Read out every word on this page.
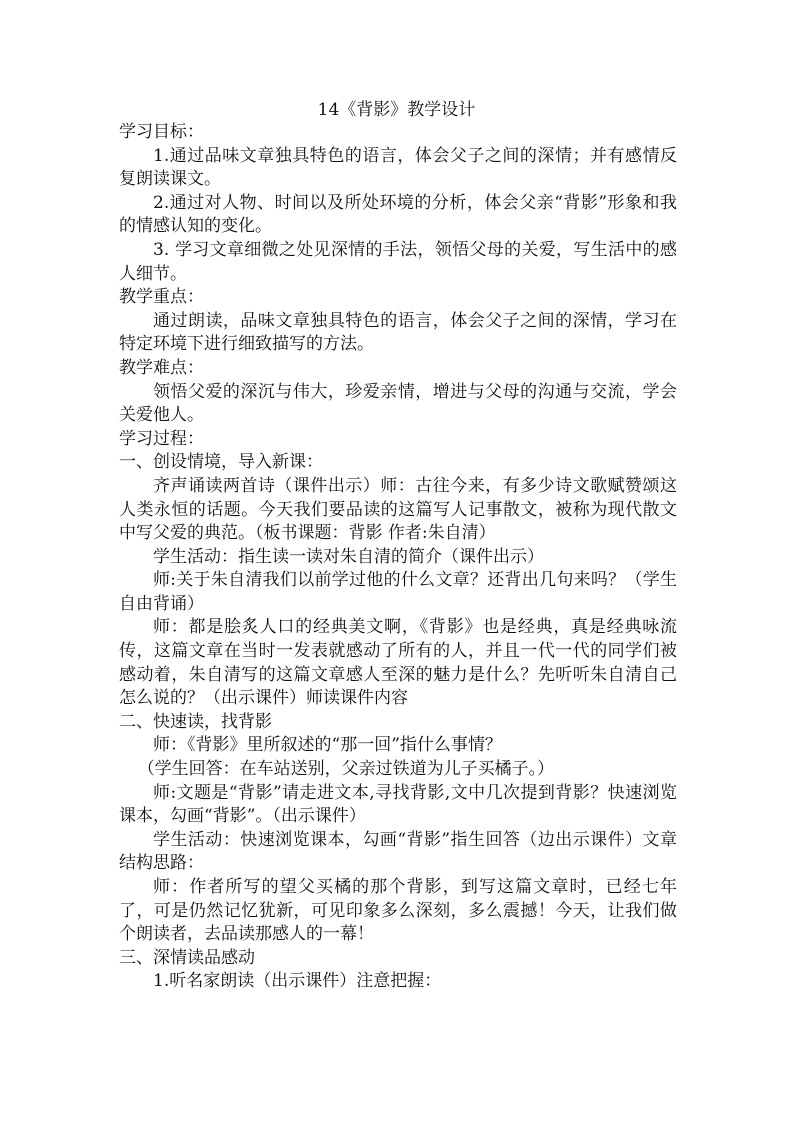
14《背影》教学设计

学习目标：

1.通过品味文章独具特色的语言，体会父子之间的深情；并有感情反复朗读课文。

2.通过对人物、时间以及所处环境的分析，体会父亲“背影”形象和我的情感认知的变化。

3. 学习文章细微之处见深情的手法，领悟父母的关爱，写生活中的感人细节。

教学重点：

通过朗读，品味文章独具特色的语言，体会父子之间的深情，学习在特定环境下进行细致描写的方法。

教学难点：

领悟父爱的深沉与伟大，珍爱亲情，增进与父母的沟通与交流，学会关爱他人。

学习过程：

一、创设情境，导入新课：

齐声诵读两首诗（课件出示）师：古往今来，有多少诗文歌赋赞颂这人类永恒的话题。今天我们要品读的这篇写人记事散文，被称为现代散文中写父爱的典范。（板书课题：背影 作者:朱自清）

学生活动：指生读一读对朱自清的简介（课件出示）

师:关于朱自清我们以前学过他的什么文章？还背出几句来吗？（学生自由背诵）

师：都是脍炙人口的经典美文啊，《背影》也是经典，真是经典咏流传，这篇文章在当时一发表就感动了所有的人，并且一代一代的同学们被感动着，朱自清写的这篇文章感人至深的魅力是什么？先听听朱自清自己怎么说的？（出示课件）师读课件内容

二、快速读，找背影

师：《背影》里所叙述的“那一回”指什么事情？

（学生回答：在车站送别，父亲过铁道为儿子买橘子。）

师:文题是“背影”请走进文本,寻找背影,文中几次提到背影？快速浏览课本，勾画“背影”。（出示课件）

学生活动：快速浏览课本，勾画“背影”指生回答（边出示课件）文章结构思路：

师：作者所写的望父买橘的那个背影，到写这篇文章时，已经七年了，可是仍然记忆犹新，可见印象多么深刻，多么震撼！今天，让我们做个朗读者，去品读那感人的一幕！

三、深情读品感动

1.听名家朗读（出示课件）注意把握：
